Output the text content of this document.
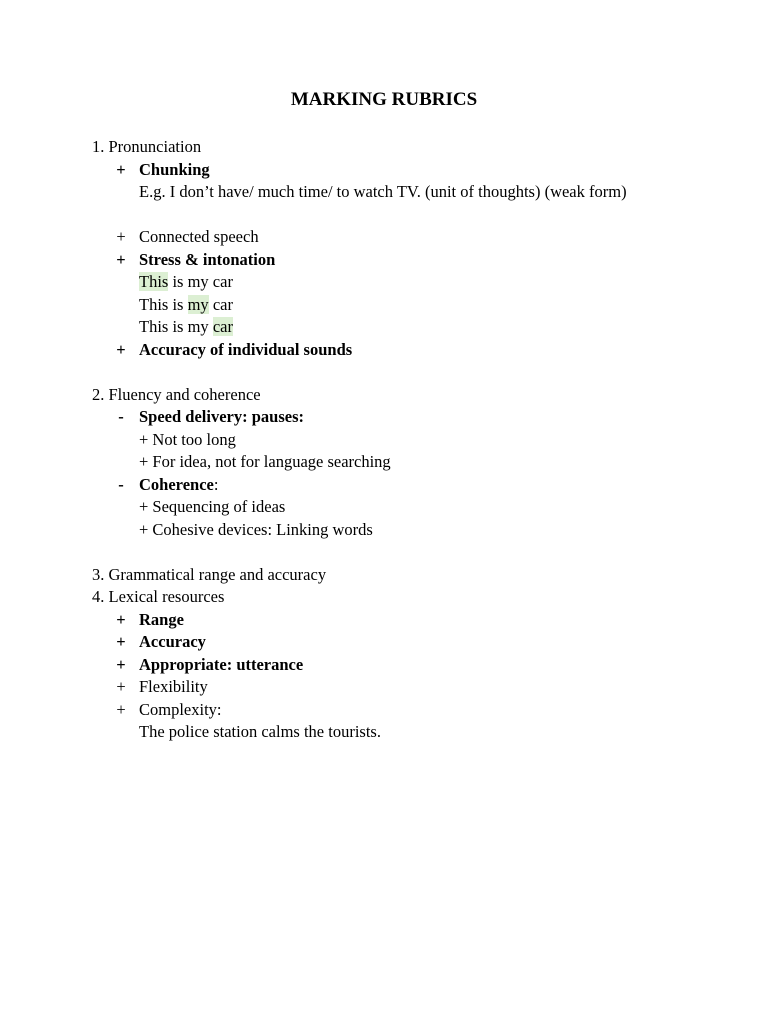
MARKING RUBRICS
1. Pronunciation
+ Chunking
E.g. I don’t have/ much time/ to watch TV. (unit of thoughts) (weak form)
+ Connected speech
+ Stress & intonation
This is my car
This is my car
This is my car
+ Accuracy of individual sounds
2. Fluency and coherence
- Speed delivery: pauses:
+ Not too long
+ For idea, not for language searching
- Coherence:
+ Sequencing of ideas
+ Cohesive devices: Linking words
3. Grammatical range and accuracy
4. Lexical resources
+ Range
+ Accuracy
+ Appropriate: utterance
+ Flexibility
+ Complexity:
The police station calms the tourists.
